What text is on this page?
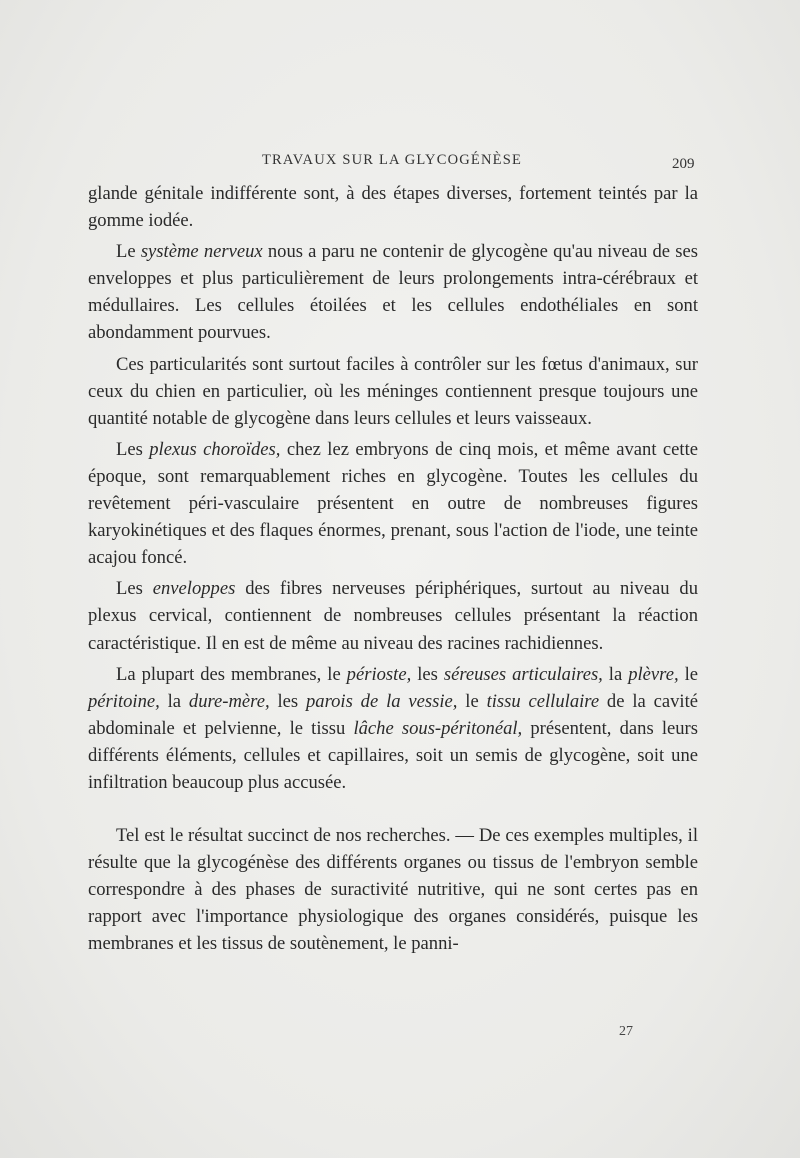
TRAVAUX SUR LA GLYCOGÉNÈSE	209

glande génitale indifférente sont, à des étapes diverses, fortement teintés par la gomme iodée.

Le système nerveux nous a paru ne contenir de glycogène qu'au niveau de ses enveloppes et plus particulièrement de leurs prolongements intra-cérébraux et médullaires. Les cellules étoilées et les cellules endothéliales en sont abondamment pourvues.

Ces particularités sont surtout faciles à contrôler sur les fœtus d'animaux, sur ceux du chien en particulier, où les méninges contiennent presque toujours une quantité notable de glycogène dans leurs cellules et leurs vaisseaux.

Les plexus choroïdes, chez lez embryons de cinq mois, et même avant cette époque, sont remarquablement riches en glycogène. Toutes les cellules du revêtement péri-vasculaire présentent en outre de nombreuses figures karyokinétiques et des flaques énormes, prenant, sous l'action de l'iode, une teinte acajou foncé.

Les enveloppes des fibres nerveuses périphériques, surtout au niveau du plexus cervical, contiennent de nombreuses cellules présentant la réaction caractéristique. Il en est de même au niveau des racines rachidiennes.

La plupart des membranes, le périoste, les séreuses articulaires, la plèvre, le péritoine, la dure-mère, les parois de la vessie, le tissu cellulaire de la cavité abdominale et pelvienne, le tissu lâche sous-péritonéal, présentent, dans leurs différents éléments, cellules et capillaires, soit un semis de glycogène, soit une infiltration beaucoup plus accusée.

Tel est le résultat succinct de nos recherches. — De ces exemples multiples, il résulte que la glycogénèse des différents organes ou tissus de l'embryon semble correspondre à des phases de suractivité nutritive, qui ne sont certes pas en rapport avec l'importance physiologique des organes considérés, puisque les membranes et les tissus de soutènement, le panni-

27
